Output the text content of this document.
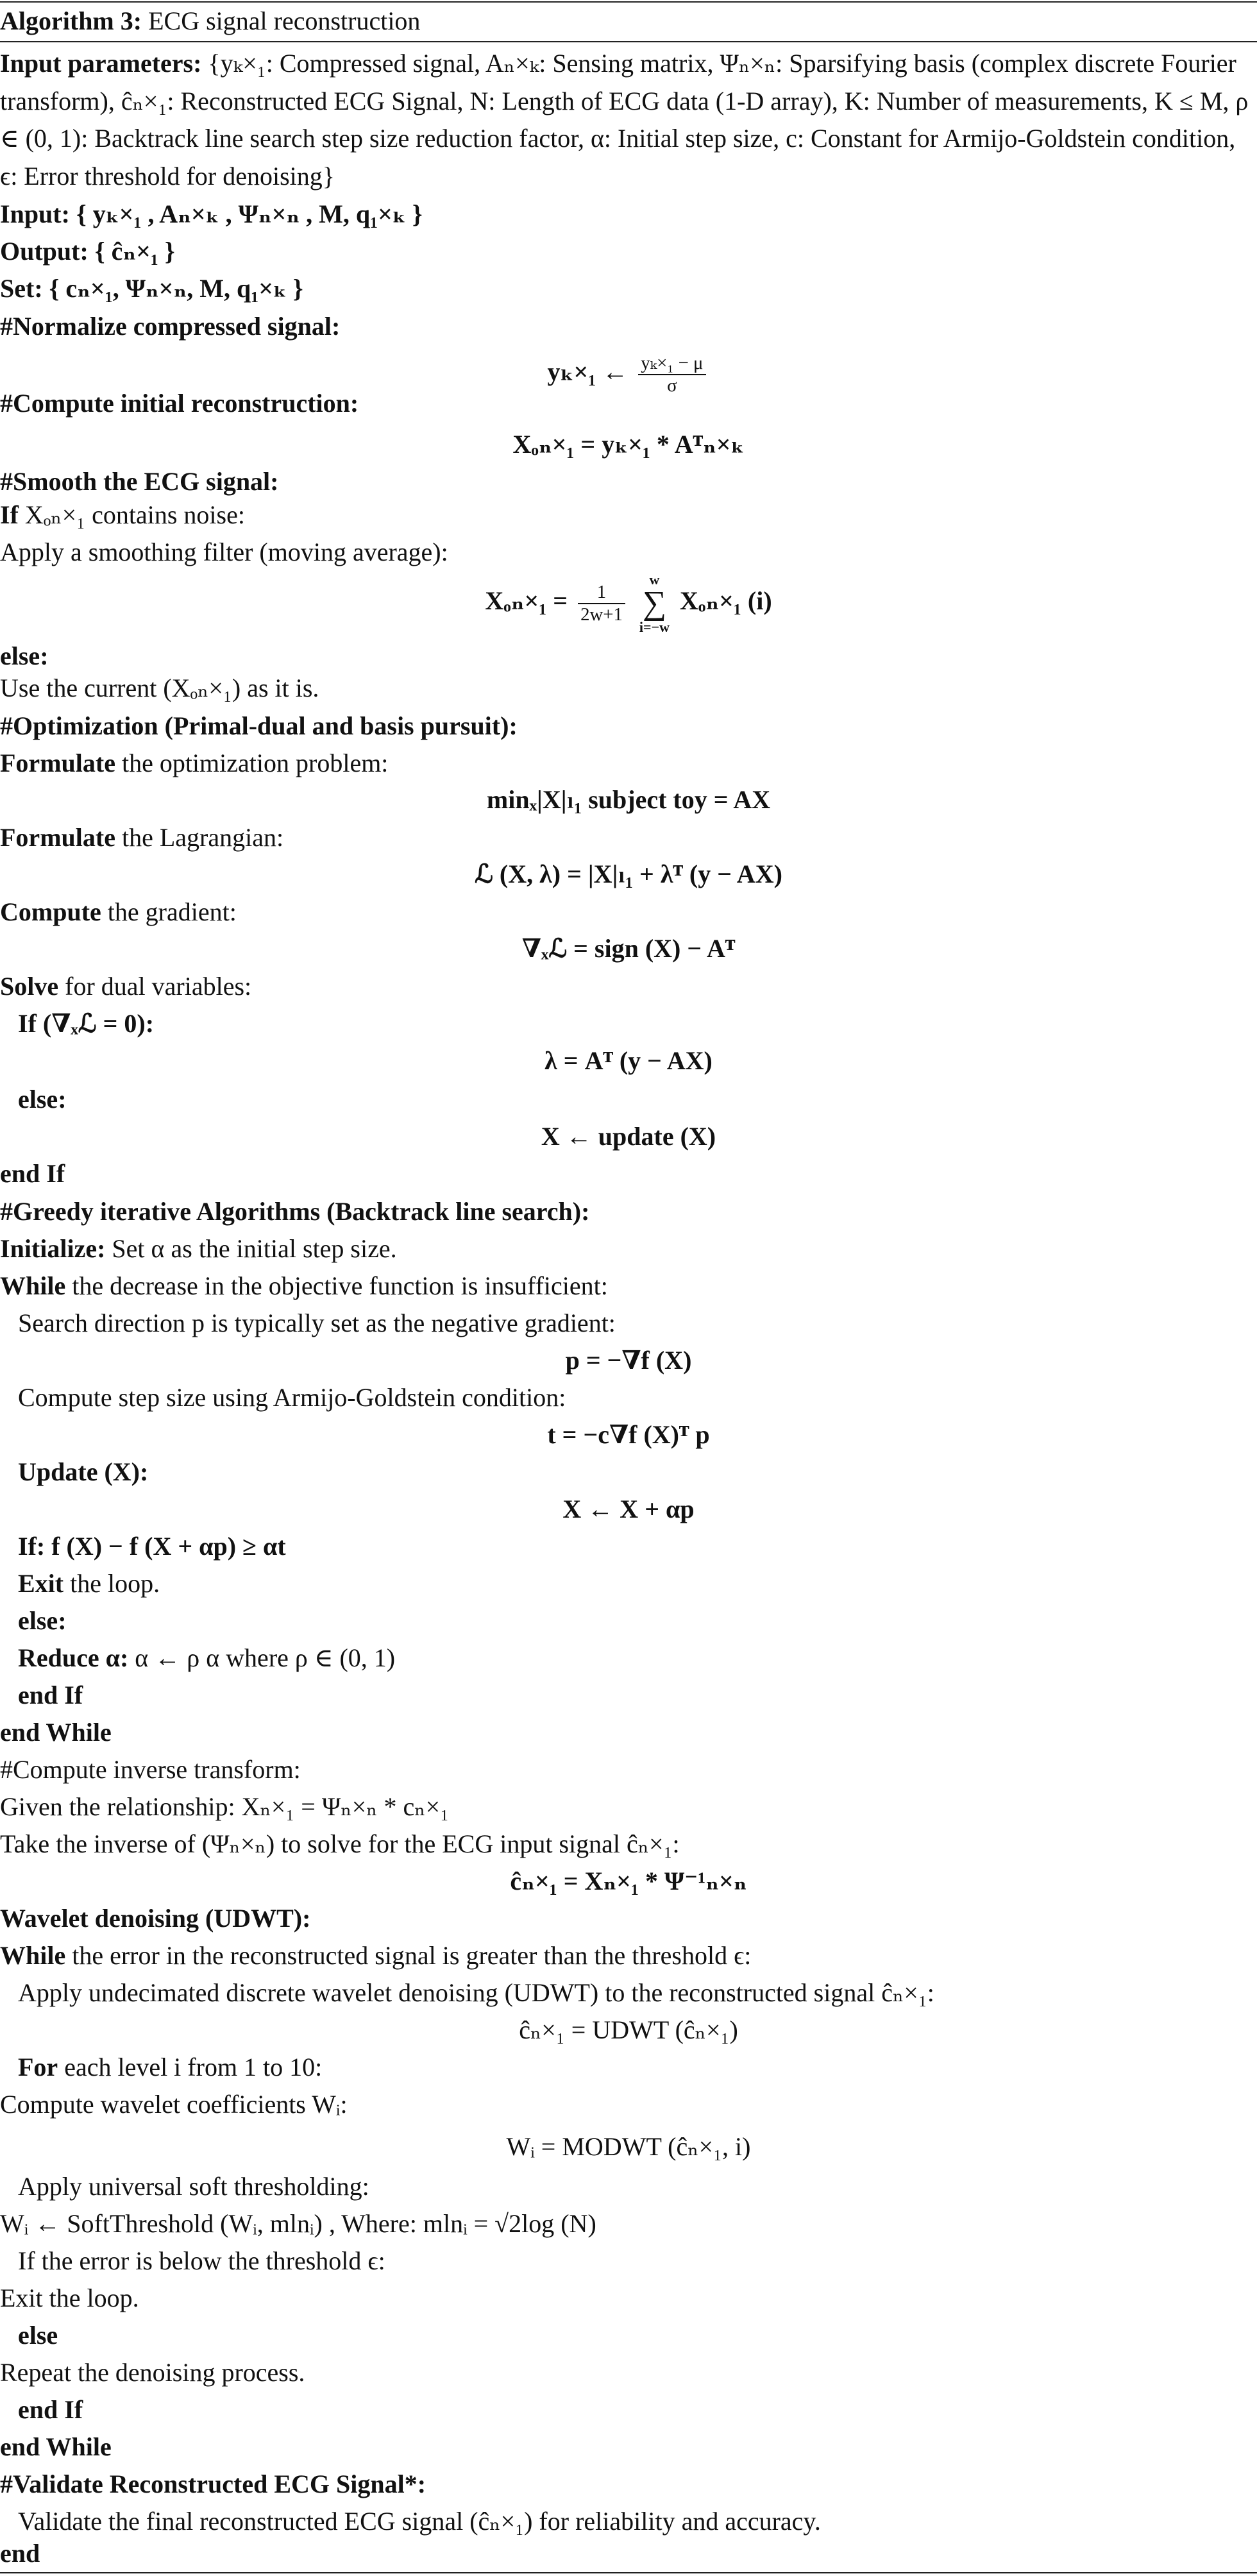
Algorithm 3: ECG signal reconstruction
Input parameters: {yₖ×₁: Compressed signal, Aₙ×ₖ: Sensing matrix, Ψₙ×ₙ: Sparsifying basis (complex discrete Fourier transform), ĉₙ×₁: Reconstructed ECG Signal, N: Length of ECG data (1-D array), K: Number of measurements, K ≤ M, ρ ∈ (0, 1): Backtrack line search step size reduction factor, α: Initial step size, c: Constant for Armijo-Goldstein condition, ϵ: Error threshold for denoising}
Input: { yₖ×₁ , Aₙ×ₖ , Ψₙ×ₙ , M, q₁×ₖ }
Output: { ĉₙ×₁ }
Set: { cₙ×₁, Ψₙ×ₙ, M, q₁×ₖ }
#Normalize compressed signal:
yₖ×₁ ← $\frac{\text{yₖ×₁ − μ}}{\sigma}$
#Compute initial reconstruction:
Xₒₙ×₁ = yₖ×₁ * Aᵀₙ×ₖ
#Smooth the ECG signal:
If Xₒₙ×₁ contains noise:
Apply a smoothing filter (moving average):
$X_{on}\times_1 = \frac{1}{2w+1}$

w
∑
i=−w
Xₒₙ×₁ (i)
else:
Use the current (Xₒₙ×₁) as it is.
#Optimization (Primal-dual and basis pursuit):
Formulate the optimization problem:
minₓ|X|ₗ₁ subject toy = AX
Formulate the Lagrangian:
ℒ (X, λ) = |X|ₗ₁ + λᵀ (y − AX)
Compute the gradient:
∇ₓℒ = sign (X) − Aᵀ
Solve for dual variables:
If (∇ₓℒ = 0):
λ = Aᵀ (y − AX)
else:
X ← update (X)
end If
#Greedy iterative Algorithms (Backtrack line search):
Initialize: Set α as the initial step size.
While the decrease in the objective function is insufficient:
Search direction p is typically set as the negative gradient:
p = −∇f (X)
Compute step size using Armijo-Goldstein condition:
t = −c∇f (X)ᵀ p
Update (X):
X ← X + αp
If: f (X) − f (X + αp) ≥ αt
Exit the loop.
else:
Reduce α: α ← ρ α where ρ ∈ (0, 1)
end If
end While
#Compute inverse transform:
Given the relationship: Xₙ×₁ = Ψₙ×ₙ * cₙ×₁
Take the inverse of (Ψₙ×ₙ) to solve for the ECG input signal ĉₙ×₁:
ĉₙ×₁ = Xₙ×₁ * Ψ⁻¹ₙ×ₙ
Wavelet denoising (UDWT):
While the error in the reconstructed signal is greater than the threshold ϵ:
Apply undecimated discrete wavelet denoising (UDWT) to the reconstructed signal ĉₙ×₁:
ĉₙ×₁ = UDWT (ĉₙ×₁)
For each level i from 1 to 10:
Compute wavelet coefficients Wᵢ:
Wᵢ = MODWT (ĉₙ×₁, i)
Apply universal soft thresholding:
Wᵢ ← SoftThreshold (Wᵢ, mlnᵢ) , Where: mlnᵢ = √2log (N)
If the error is below the threshold ϵ:
Exit the loop.
else
Repeat the denoising process.
end If
end While
#Validate Reconstructed ECG Signal*:
Validate the final reconstructed ECG signal (ĉₙ×₁) for reliability and accuracy.
end
